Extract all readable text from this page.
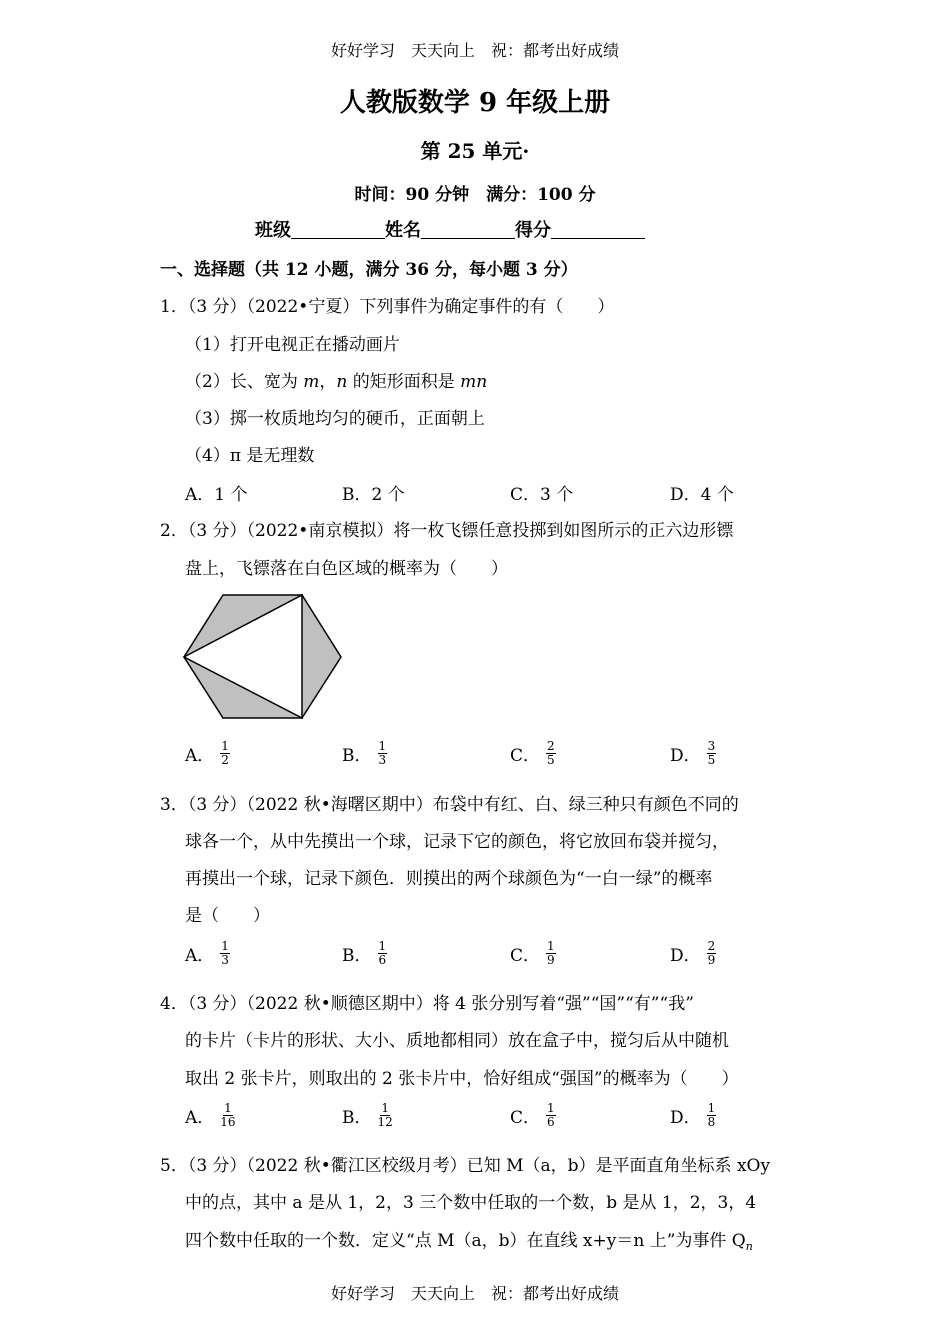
好好学习　天天向上　祝：都考出好成绩
人教版数学 9 年级上册
第 25 单元·
时间：90 分钟　满分：100 分
班级	姓名	得分
一、选择题（共 12 小题，满分 36 分，每小题 3 分）
1．（3 分）（2022•宁夏）下列事件为确定事件的有（　　）
（1）打开电视正在播动画片
（2）长、宽为 m，n 的矩形面积是 mn
（3）掷一枚质地均匀的硬币，正面朝上
（4）π 是无理数
A．1 个	B．2 个	C．3 个	D．4 个
2．（3 分）（2022•南京模拟）将一枚飞镖任意投掷到如图所示的正六边形镖
盘上，飞镖落在白色区域的概率为（　　）
A． $\frac{1}{2}$	B． $\frac{1}{3}$	C． $\frac{2}{5}$	D． $\frac{3}{5}$
3．（3 分）（2022 秋•海曙区期中）布袋中有红、白、绿三种只有颜色不同的
球各一个，从中先摸出一个球，记录下它的颜色，将它放回布袋并搅匀，
再摸出一个球，记录下颜色．则摸出的两个球颜色为“一白一绿”的概率
是（　　）
A． $\frac{1}{3}$	B． $\frac{1}{6}$	C． $\frac{1}{9}$	D． $\frac{2}{9}$
4．（3 分）（2022 秋•顺德区期中）将 4 张分别写着“强”“国”“有”“我”
的卡片（卡片的形状、大小、质地都相同）放在盒子中，搅匀后从中随机
取出 2 张卡片，则取出的 2 张卡片中，恰好组成“强国”的概率为（　　）
A． $\frac{1}{16}$	B． $\frac{1}{12}$	C． $\frac{1}{6}$	D． $\frac{1}{8}$
5．（3 分）（2022 秋•衢江区校级月考）已知 M（a，b）是平面直角坐标系 xOy
中的点，其中 a 是从 1，2，3 三个数中任取的一个数，b 是从 1，2，3，4
四个数中任取的一个数．定义“点 M（a，b）在直线 x+y＝n 上”为事件 $Q_n$
好好学习　天天向上　祝：都考出好成绩
